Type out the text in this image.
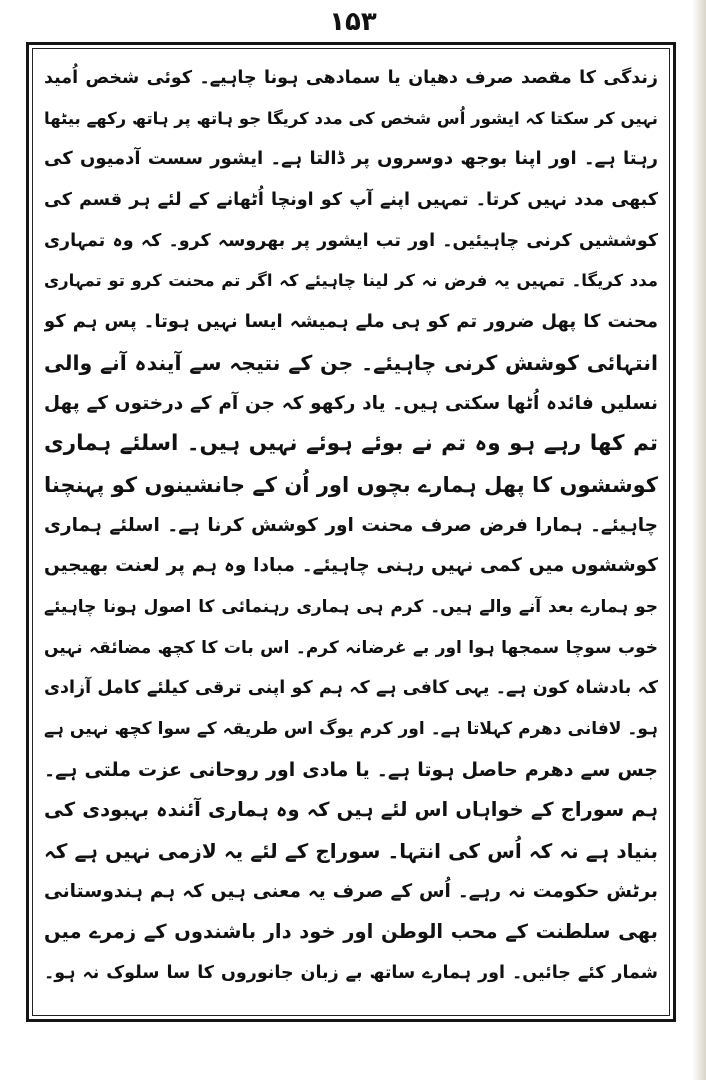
۱۵۳
زندگی کا مقصد صرف دھیان یا سمادھی ہونا چاہیے۔ کوئی شخص اُمید
نہیں کر سکتا کہ ایشور اُس شخص کی مدد کریگا جو ہاتھ پر ہاتھ رکھے بیٹھا
رہتا ہے۔ اور اپنا بوجھ دوسروں پر ڈالتا ہے۔ ایشور سست آدمیوں کی
کبھی مدد نہیں کرتا۔ تمہیں اپنے آپ کو اونچا اُٹھانے کے لئے ہر قسم کی
کوششیں کرنی چاہیئیں۔ اور تب ایشور پر بھروسہ کرو۔ کہ وہ تمہاری
مدد کریگا۔ تمہیں یہ فرض نہ کر لینا چاہیئے کہ اگر تم محنت کرو تو تمہاری
محنت کا پھل ضرور تم کو ہی ملے ہمیشہ ایسا نہیں ہوتا۔ پس ہم کو
انتہائی کوشش کرنی چاہیئے۔ جن کے نتیجہ سے آیندہ آنے والی
نسلیں فائدہ اُٹھا سکتی ہیں۔ یاد رکھو کہ جن آم کے درختوں کے پھل
تم کھا رہے ہو وہ تم نے بوئے ہوئے نہیں ہیں۔ اسلئے ہماری
کوششوں کا پھل ہمارے بچوں اور اُن کے جانشینوں کو پہنچنا
چاہیئے۔ ہمارا فرض صرف محنت اور کوشش کرنا ہے۔ اسلئے ہماری
کوششوں میں کمی نہیں رہنی چاہیئے۔ مبادا وہ ہم پر لعنت بھیجیں
جو ہمارے بعد آنے والے ہیں۔ کرم ہی ہماری رہنمائی کا اصول ہونا چاہیئے
خوب سوچا سمجھا ہوا اور بے غرضانہ کرم۔ اس بات کا کچھ مضائقہ نہیں
کہ بادشاہ کون ہے۔ یہی کافی ہے کہ ہم کو اپنی ترقی کیلئے کامل آزادی
ہو۔ لافانی دھرم کہلاتا ہے۔ اور کرم یوگ اس طریقہ کے سوا کچھ نہیں ہے
جس سے دھرم حاصل ہوتا ہے۔ یا مادی اور روحانی عزت ملتی ہے۔
ہم سوراج کے خواہاں اس لئے ہیں کہ وہ ہماری آئندہ بہبودی کی
بنیاد ہے نہ کہ اُس کی انتہا۔ سوراج کے لئے یہ لازمی نہیں ہے کہ
برٹش حکومت نہ رہے۔ اُس کے صرف یہ معنی ہیں کہ ہم ہندوستانی
بھی سلطنت کے محب الوطن اور خود دار باشندوں کے زمرے میں
شمار کئے جائیں۔ اور ہمارے ساتھ بے زبان جانوروں کا سا سلوک نہ ہو۔
